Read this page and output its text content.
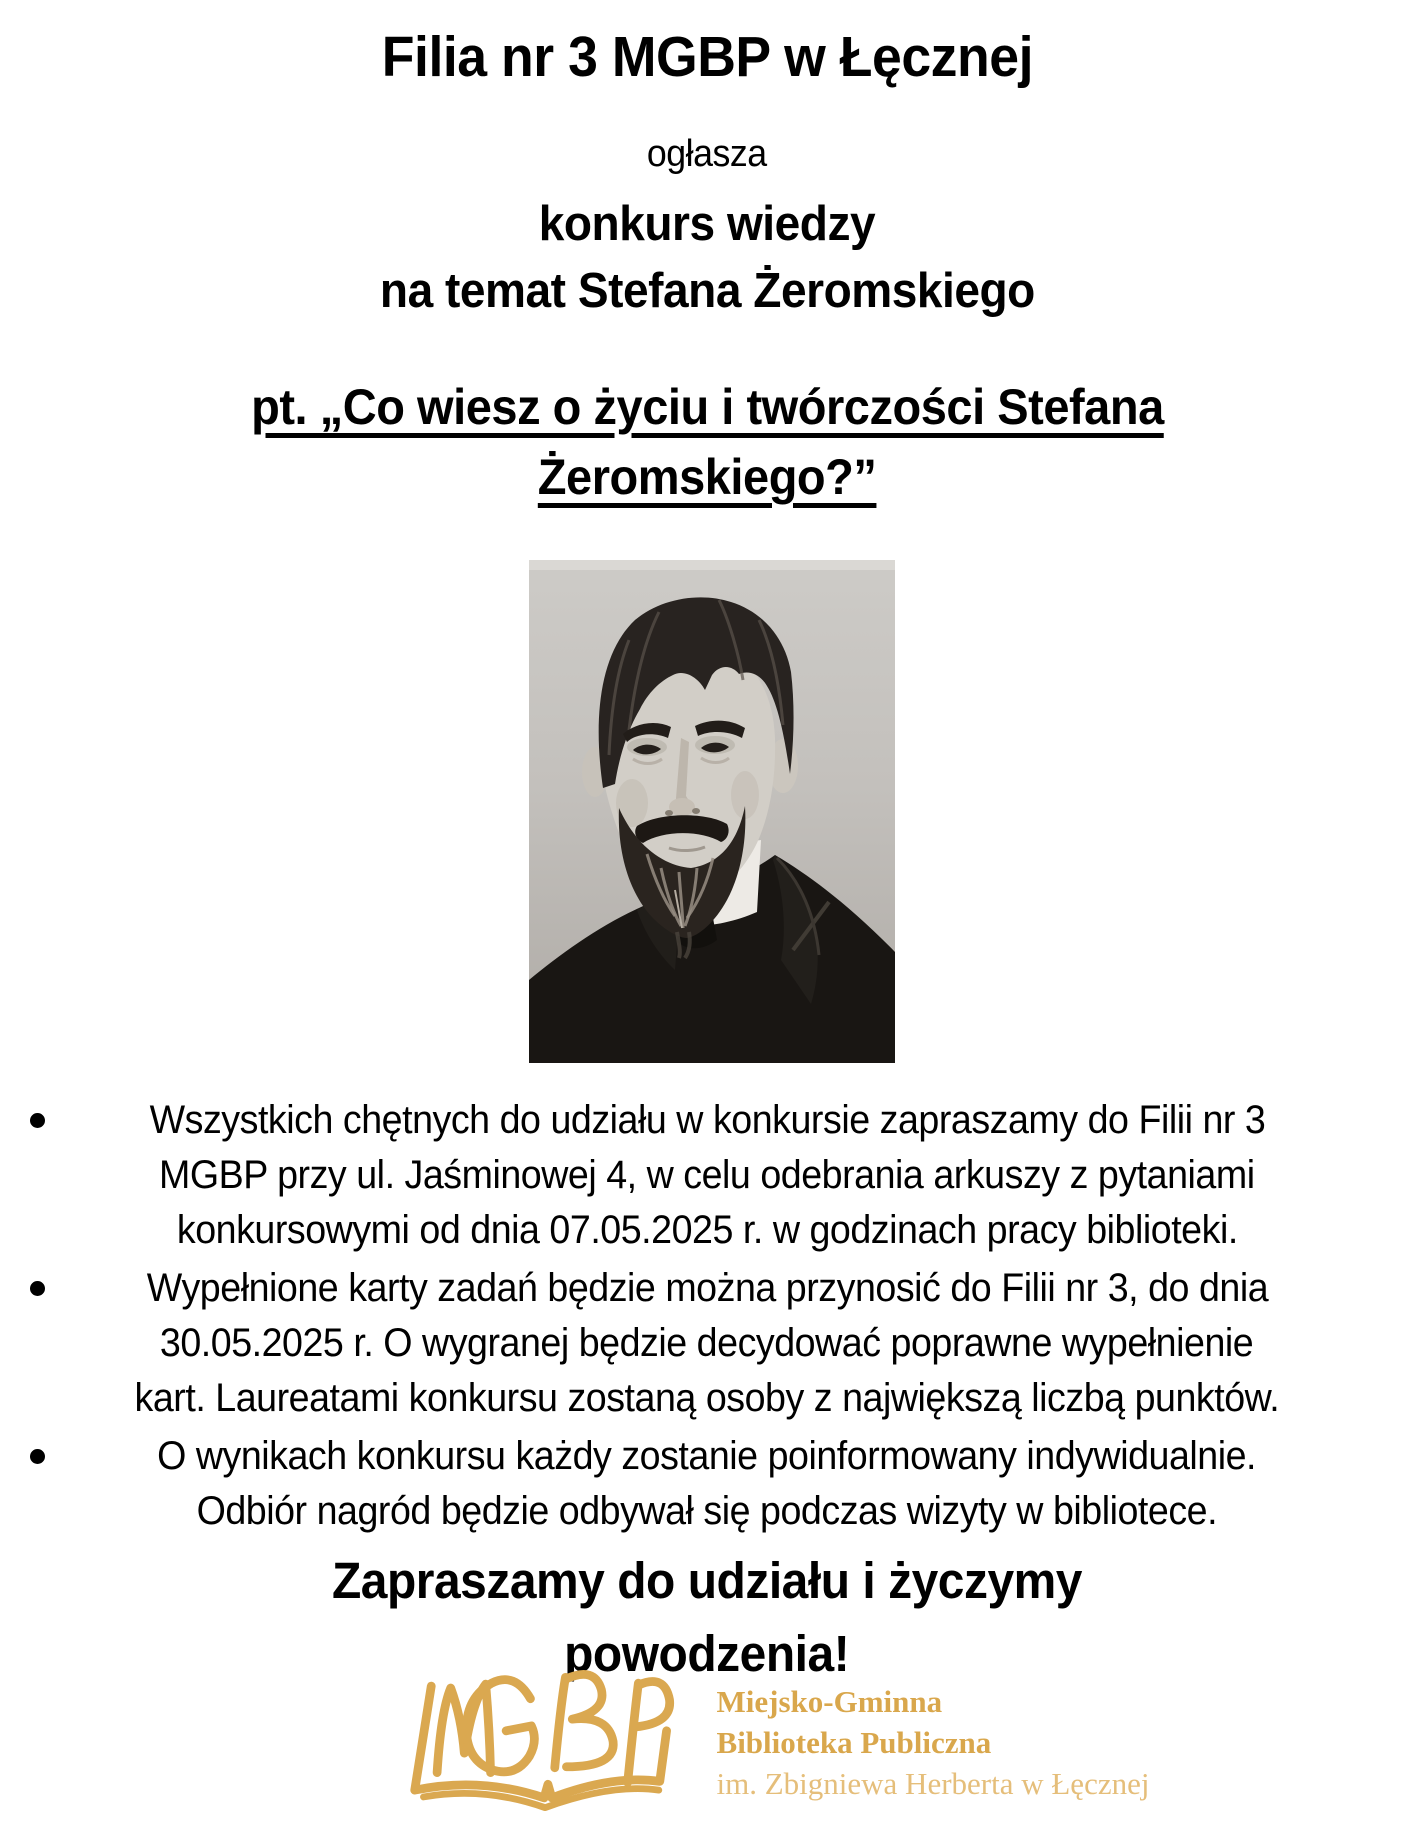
Filia nr 3 MGBP w Łęcznej
ogłasza
konkurs wiedzy
na temat Stefana Żeromskiego
pt. „Co wiesz o życiu i twórczości Stefana
Żeromskiego?”
Wszystkich chętnych do udziału w konkursie zapraszamy do Filii nr 3
MGBP przy ul. Jaśminowej 4, w celu odebrania arkuszy z pytaniami
konkursowymi od dnia 07.05.2025 r. w godzinach pracy biblioteki.
Wypełnione karty zadań będzie można przynosić do Filii nr 3, do dnia
30.05.2025 r. O wygranej będzie decydować poprawne wypełnienie
kart. Laureatami konkursu zostaną osoby z największą liczbą punktów.
O wynikach konkursu każdy zostanie poinformowany indywidualnie.
Odbiór nagród będzie odbywał się podczas wizyty w bibliotece.
Zapraszamy do udziału i życzymy
powodzenia!
Miejsko-Gminna
Biblioteka Publiczna
im. Zbigniewa Herberta w Łęcznej
